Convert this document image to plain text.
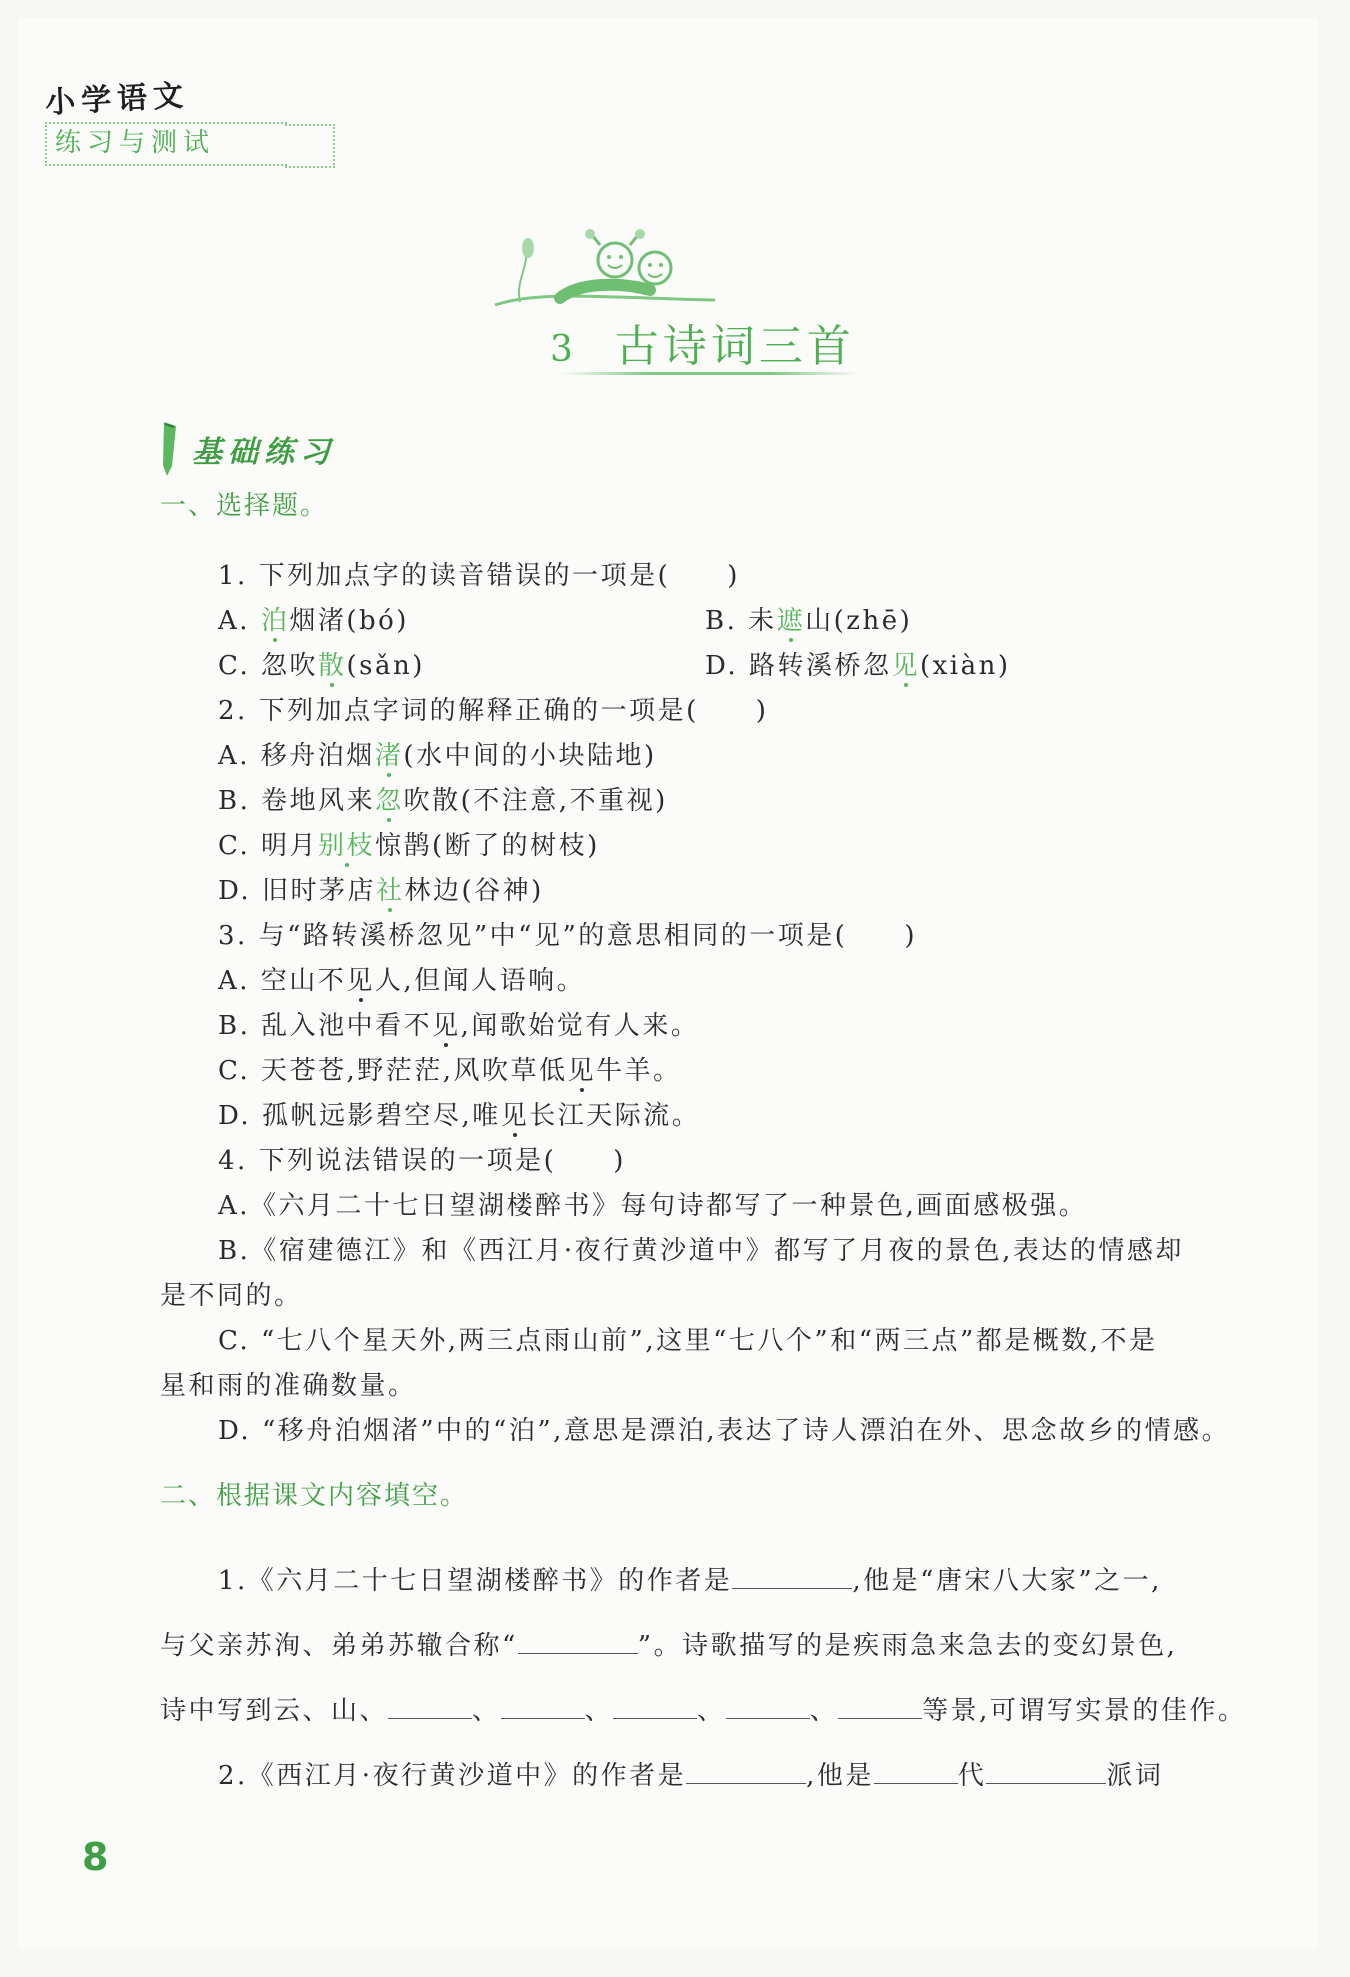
小学语文
练习与测试
3 古诗词三首
基础练习
一、选择题。
1. 下列加点字的读音错误的一项是(　　)
A. 泊烟渚(bó)	B. 未遮山(zhē)
C. 忽吹散(sǎn)	D. 路转溪桥忽见(xiàn)
2. 下列加点字词的解释正确的一项是(　　)
A. 移舟泊烟渚(水中间的小块陆地)
B. 卷地风来忽吹散(不注意,不重视)
C. 明月别枝惊鹊(断了的树枝)
D. 旧时茅店社林边(谷神)
3. 与“路转溪桥忽见”中“见”的意思相同的一项是(　　)
A. 空山不见人,但闻人语响。
B. 乱入池中看不见,闻歌始觉有人来。
C. 天苍苍,野茫茫,风吹草低见牛羊。
D. 孤帆远影碧空尽,唯见长江天际流。
4. 下列说法错误的一项是(　　)
A.《六月二十七日望湖楼醉书》每句诗都写了一种景色,画面感极强。
B.《宿建德江》和《西江月·夜行黄沙道中》都写了月夜的景色,表达的情感却
是不同的。
C. “七八个星天外,两三点雨山前”,这里“七八个”和“两三点”都是概数,不是
星和雨的准确数量。
D. “移舟泊烟渚”中的“泊”,意思是漂泊,表达了诗人漂泊在外、思念故乡的情感。
二、根据课文内容填空。
1.《六月二十七日望湖楼醉书》的作者是	,他是“唐宋八大家”之一,
与父亲苏洵、弟弟苏辙合称“	”。诗歌描写的是疾雨急来急去的变幻景色,
诗中写到云、山、	、	、	、	、	等景,可谓写实景的佳作。
2.《西江月·夜行黄沙道中》的作者是	,他是	代	派词
8
